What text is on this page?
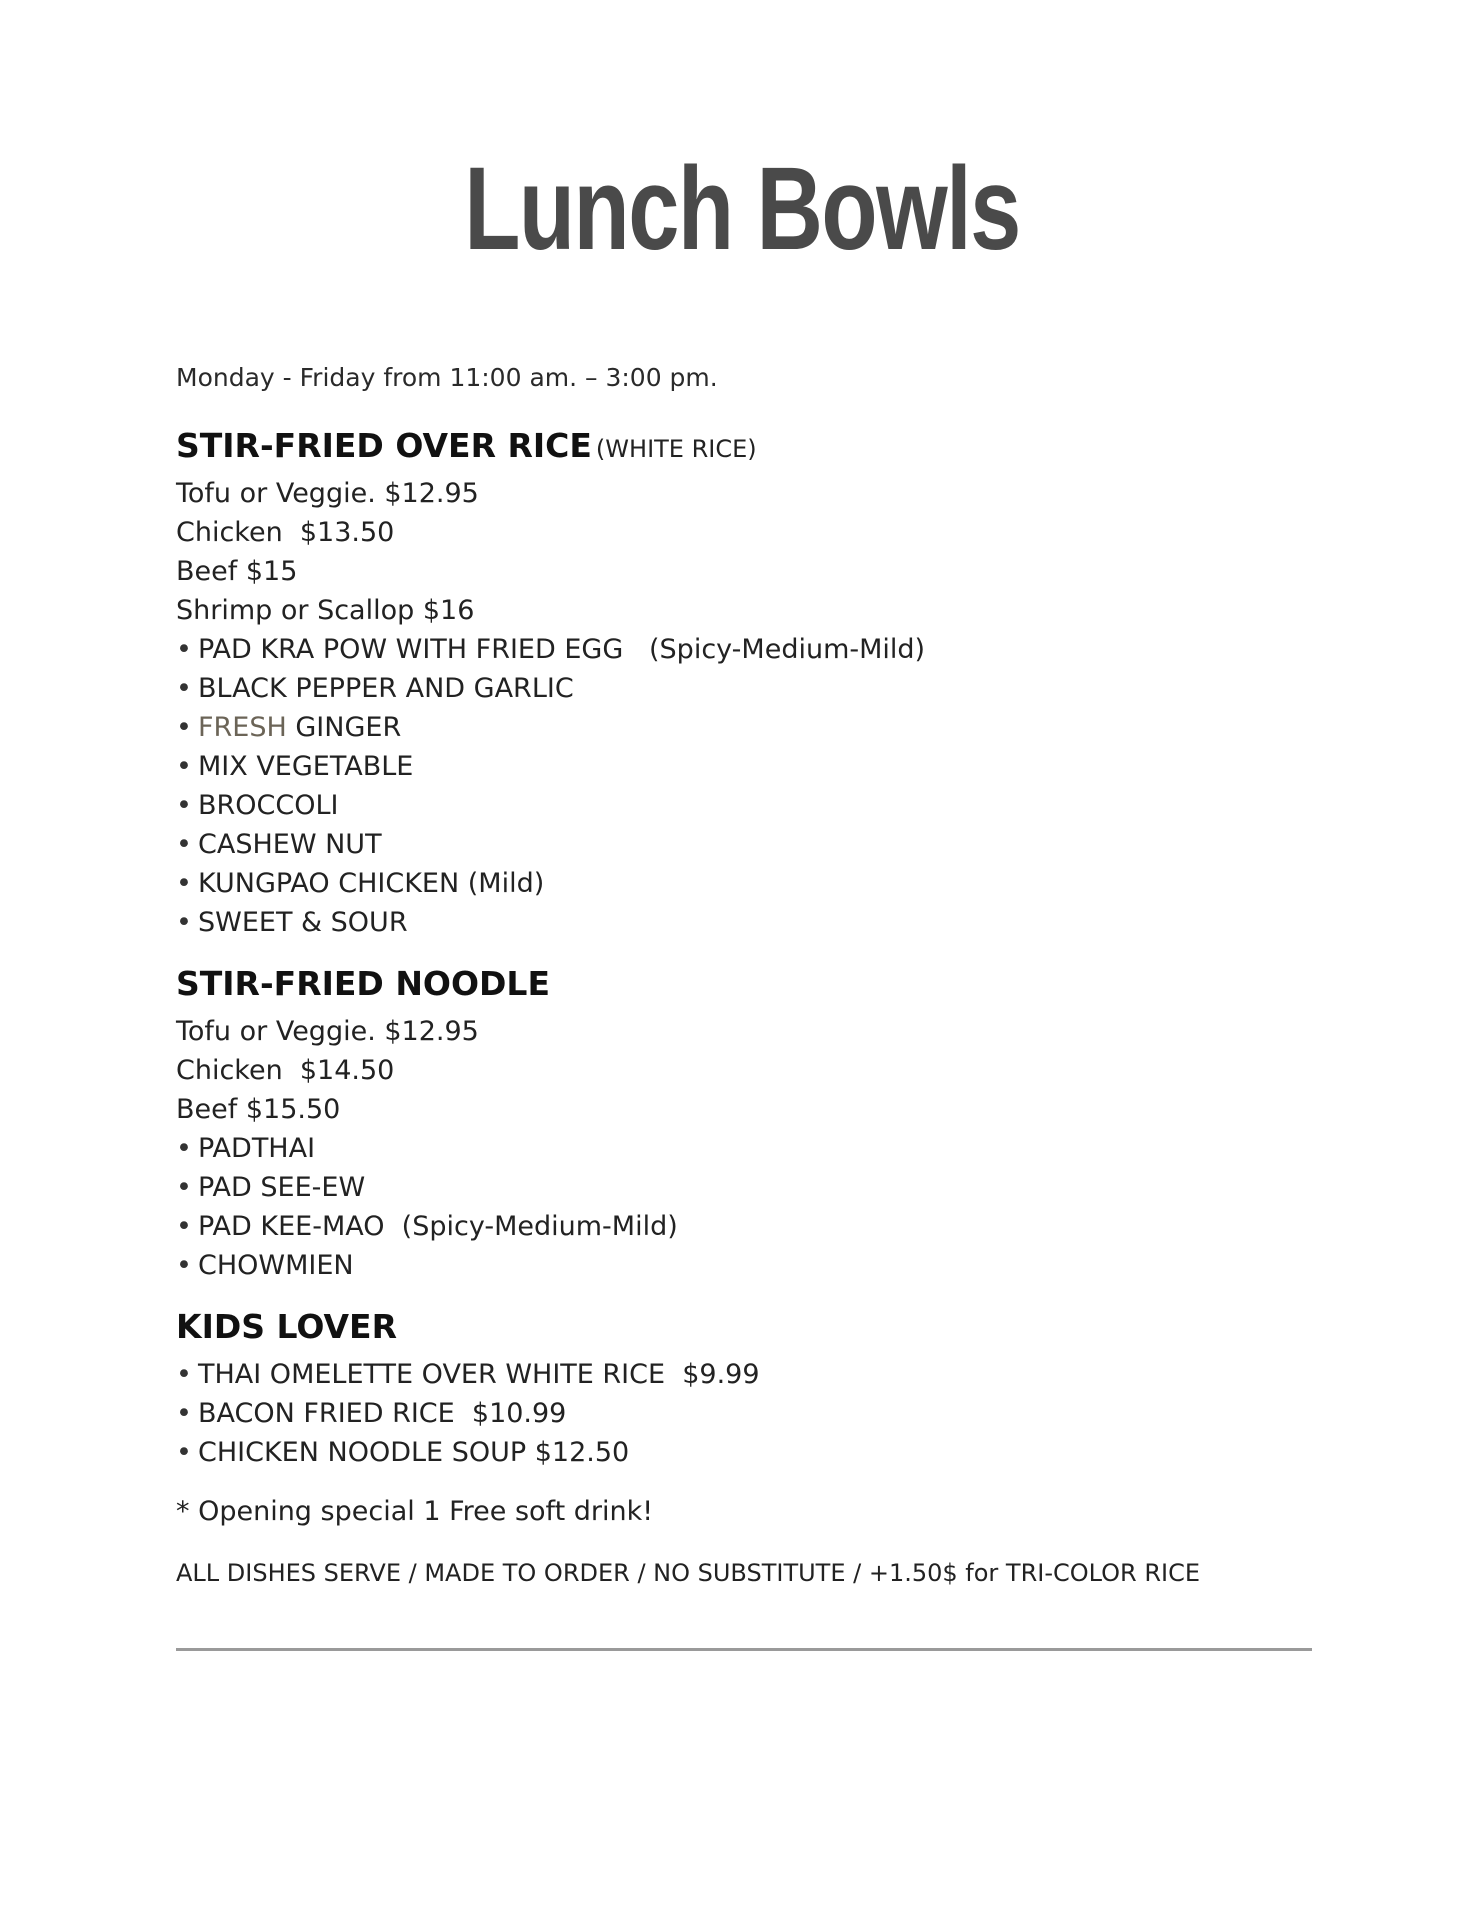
Lunch Bowls

Monday - Friday from 11:00 am. – 3:00 pm.

STIR-FRIED OVER RICE (WHITE RICE)

Tofu or Veggie. $12.95

Chicken  $13.50

Beef $15

Shrimp or Scallop $16

• PAD KRA POW WITH FRIED EGG   (Spicy-Medium-Mild)

• BLACK PEPPER AND GARLIC

• FRESH GINGER

• MIX VEGETABLE

• BROCCOLI

• CASHEW NUT

• KUNGPAO CHICKEN (Mild)

• SWEET & SOUR

STIR-FRIED NOODLE

Tofu or Veggie. $12.95

Chicken  $14.50

Beef $15.50

• PADTHAI

• PAD SEE-EW

• PAD KEE-MAO  (Spicy-Medium-Mild)

• CHOWMIEN

KIDS LOVER

• THAI OMELETTE OVER WHITE RICE  $9.99

• BACON FRIED RICE  $10.99

• CHICKEN NOODLE SOUP $12.50

* Opening special 1 Free soft drink!

ALL DISHES SERVE / MADE TO ORDER / NO SUBSTITUTE / +1.50$ for TRI-COLOR RICE
